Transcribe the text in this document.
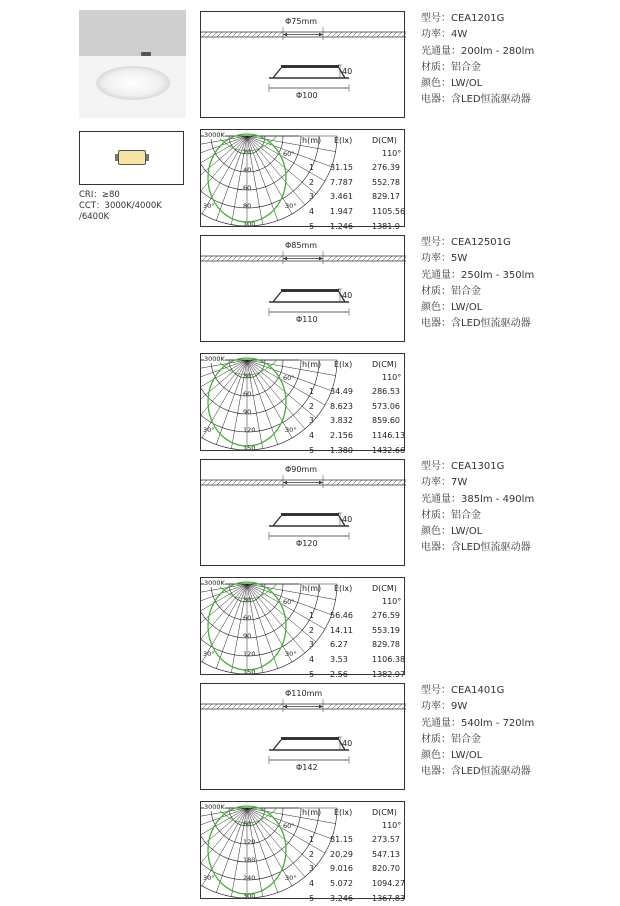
CRI：≥80
CCT：3000K/4000K
/6400K
Φ75mm
40
Φ100
3000K
30°	30°
60°
20
40
60
80
100
型号：CEA1201G
功率：4W
光通量：200lm - 280lm
材质：铝合金
颜色：LW/OL
电器：含LED恒流驱动器
h(m) E(lx) D(CM)
110°
1 31.15 276.39
2 7.787 552.78
3 3.461 829.17
4 1.947 1105.56
5 1.246 1381.9
Φ85mm
40
Φ110
3000K
30°	30°
60°
30
60
90
120
150
型号：CEA12501G
功率：5W
光通量：250lm - 350lm
材质：铝合金
颜色：LW/OL
电器：含LED恒流驱动器
h(m) E(lx) D(CM)
110°
1 34.49 286.53
2 8.623 573.06
3 3.832 859.60
4 2.156 1146.13
5 1.380 1432.66
Φ90mm
40
Φ120
3000K
30°	30°
60°
30
60
90
120
150
型号：CEA1301G
功率：7W
光通量：385lm - 490lm
材质：铝合金
颜色：LW/OL
电器：含LED恒流驱动器
h(m) E(lx) D(CM)
110°
1 56.46 276.59
2 14.11 553.19
3 6.27	829.78
4 3.53	1106.38
5 2.56	1382.97
Φ110mm
40
Φ142
3000K
30°	30°
60°
60
120
180
240
300
型号：CEA1401G
功率：9W
光通量：540lm - 720lm
材质：铝合金
颜色：LW/OL
电器：含LED恒流驱动器
h(m) E(lx) D(CM)
110°
1 81.15 273.57
2 20.29 547.13
3 9.016 820.70
4 5.072 1094.27
5 3.246 1367.83
